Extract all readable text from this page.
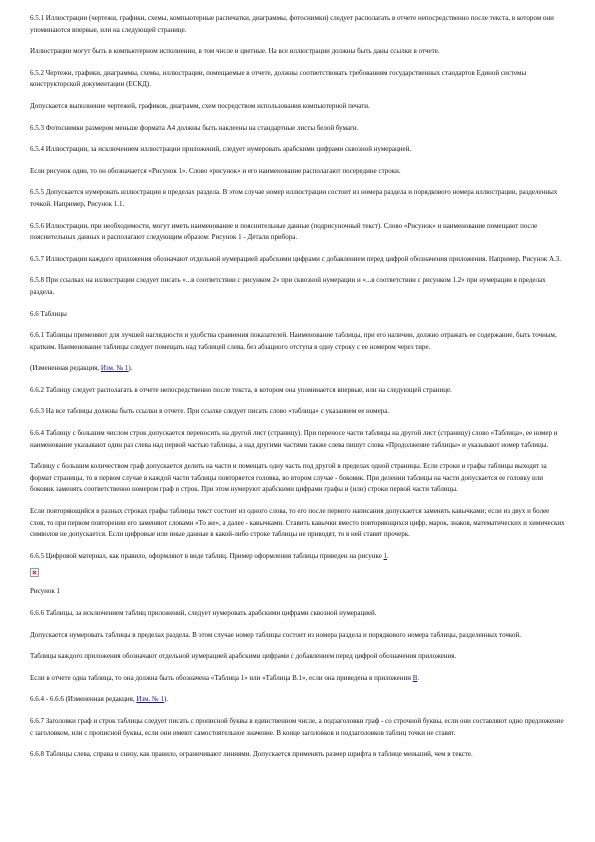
6.5.1 Иллюстрации (чертежи, графики, схемы, компьютерные распечатки, диаграммы, фотоснимки) следует располагать в отчете непосредственно после текста, в котором они упоминаются впервые, или на следующей странице.

Иллюстрации могут быть в компьютерном исполнении, в том числе и цветные. На все иллюстрации должны быть даны ссылки в отчете.

6.5.2 Чертежи, графики, диаграммы, схемы, иллюстрации, помещаемые в отчете, должны соответствовать требованиям государственных стандартов Единой системы конструкторской документации (ЕСКД).

Допускается выполнение чертежей, графиков, диаграмм, схем посредством использования компьютерной печати.

6.5.3 Фотоснимки размером меньше формата А4 должны быть наклеены на стандартные листы белой бумаги.

6.5.4 Иллюстрации, за исключением иллюстрации приложений, следует нумеровать арабскими цифрами сквозной нумерацией.

Если рисунок один, то он обозначается «Рисунок 1». Слово «рисунок» и его наименование располагают посередине строки.

6.5.5 Допускается нумеровать иллюстрации в пределах раздела. В этом случае номер иллюстрации состоит из номера раздела и порядкового номера иллюстрации, разделенных точкой. Например, Рисунок 1.1.

6.5.6 Иллюстрации, при необходимости, могут иметь наименование и пояснительные данные (подрисуночный текст). Слово «Рисунок» и наименование помещают после пояснительных данных и располагают следующим образом: Рисунок 1 - Детали прибора.

6.5.7 Иллюстрации каждого приложения обозначают отдельной нумерацией арабскими цифрами с добавлением перед цифрой обозначения приложения. Например, Рисунок А.3.

6.5.8 При ссылках на иллюстрации следует писать «...в соответствии с рисунком 2» при сквозной нумерации и «...в соответствии с рисунком 1.2» при нумерации в пределах раздела.

6.6 Таблицы

6.6.1 Таблицы применяют для лучшей наглядности и удобства сравнения показателей. Наименование таблицы, при его наличии, должно отражать ее содержание, быть точным, кратким. Наименование таблицы следует помещать над таблицей слева, без абзацного отступа в одну строку с ее номером через тире.

(Измененная редакция, Изм. № 1).

6.6.2 Таблицу следует располагать в отчете непосредственно после текста, в котором она упоминается впервые, или на следующей странице.

6.6.3 На все таблицы должны быть ссылки в отчете. При ссылке следует писать слово «таблица» с указанием ее номера.

6.6.4 Таблицу с большим числом строк допускается переносить на другой лист (страницу). При переносе части таблицы на другой лист (страницу) слово «Таблица», ее номер и наименование указывают один раз слева над первой частью таблицы, а над другими частями также слева пишут слова «Продолжение таблицы» и указывают номер таблицы.

Таблицу с большим количеством граф допускается делить на части и помещать одну часть под другой в пределах одной страницы. Если строки и графы таблицы выходят за формат страницы, то в первом случае в каждой части таблицы повторяется головка, во втором случае - боковик. При делении таблицы на части допускается ее головку или боковик заменять соответственно номером граф и строк. При этом нумеруют арабскими цифрами графы и (или) строки первой части таблицы.

Если повторяющийся в разных строках графы таблицы текст состоит из одного слова, то его после первого написания допускается заменять кавычками; если из двух и более слов, то при первом повторении его заменяют словами «То же», а далее - кавычками. Ставить кавычки вместо повторяющихся цифр, марок, знаков, математических и химических символов не допускается. Если цифровые или иные данные в какой-либо строке таблицы не приводят, то в ней ставят прочерк.

6.6.5 Цифровой материал, как правило, оформляют в виде таблиц. Пример оформления таблицы приведен на рисунке 1.

Рисунок 1

6.6.6 Таблицы, за исключением таблиц приложений, следует нумеровать арабскими цифрами сквозной нумерацией.

Допускается нумеровать таблицы в пределах раздела. В этом случае номер таблицы состоит из номера раздела и порядкового номера таблицы, разделенных точкой.

Таблицы каждого приложения обозначают отдельной нумерацией арабскими цифрами с добавлением перед цифрой обозначения приложения.

Если в отчете одна таблица, то она должна быть обозначена «Таблица 1» или «Таблица В.1», если она приведена в приложении В.

6.6.4 - 6.6.6 (Измененная редакция, Изм. № 1).

6.6.7 Заголовки граф и строк таблицы следует писать с прописной буквы в единственном числе, а подзаголовки граф - со строчной буквы, если они составляют одно предложение с заголовком, или с прописной буквы, если они имеют самостоятельное значение. В конце заголовков и подзаголовков таблиц точки не ставят.

6.6.8 Таблицы слева, справа и снизу, как правило, ограничивают линиями. Допускается применять размер шрифта в таблице меньший, чем в тексте.
